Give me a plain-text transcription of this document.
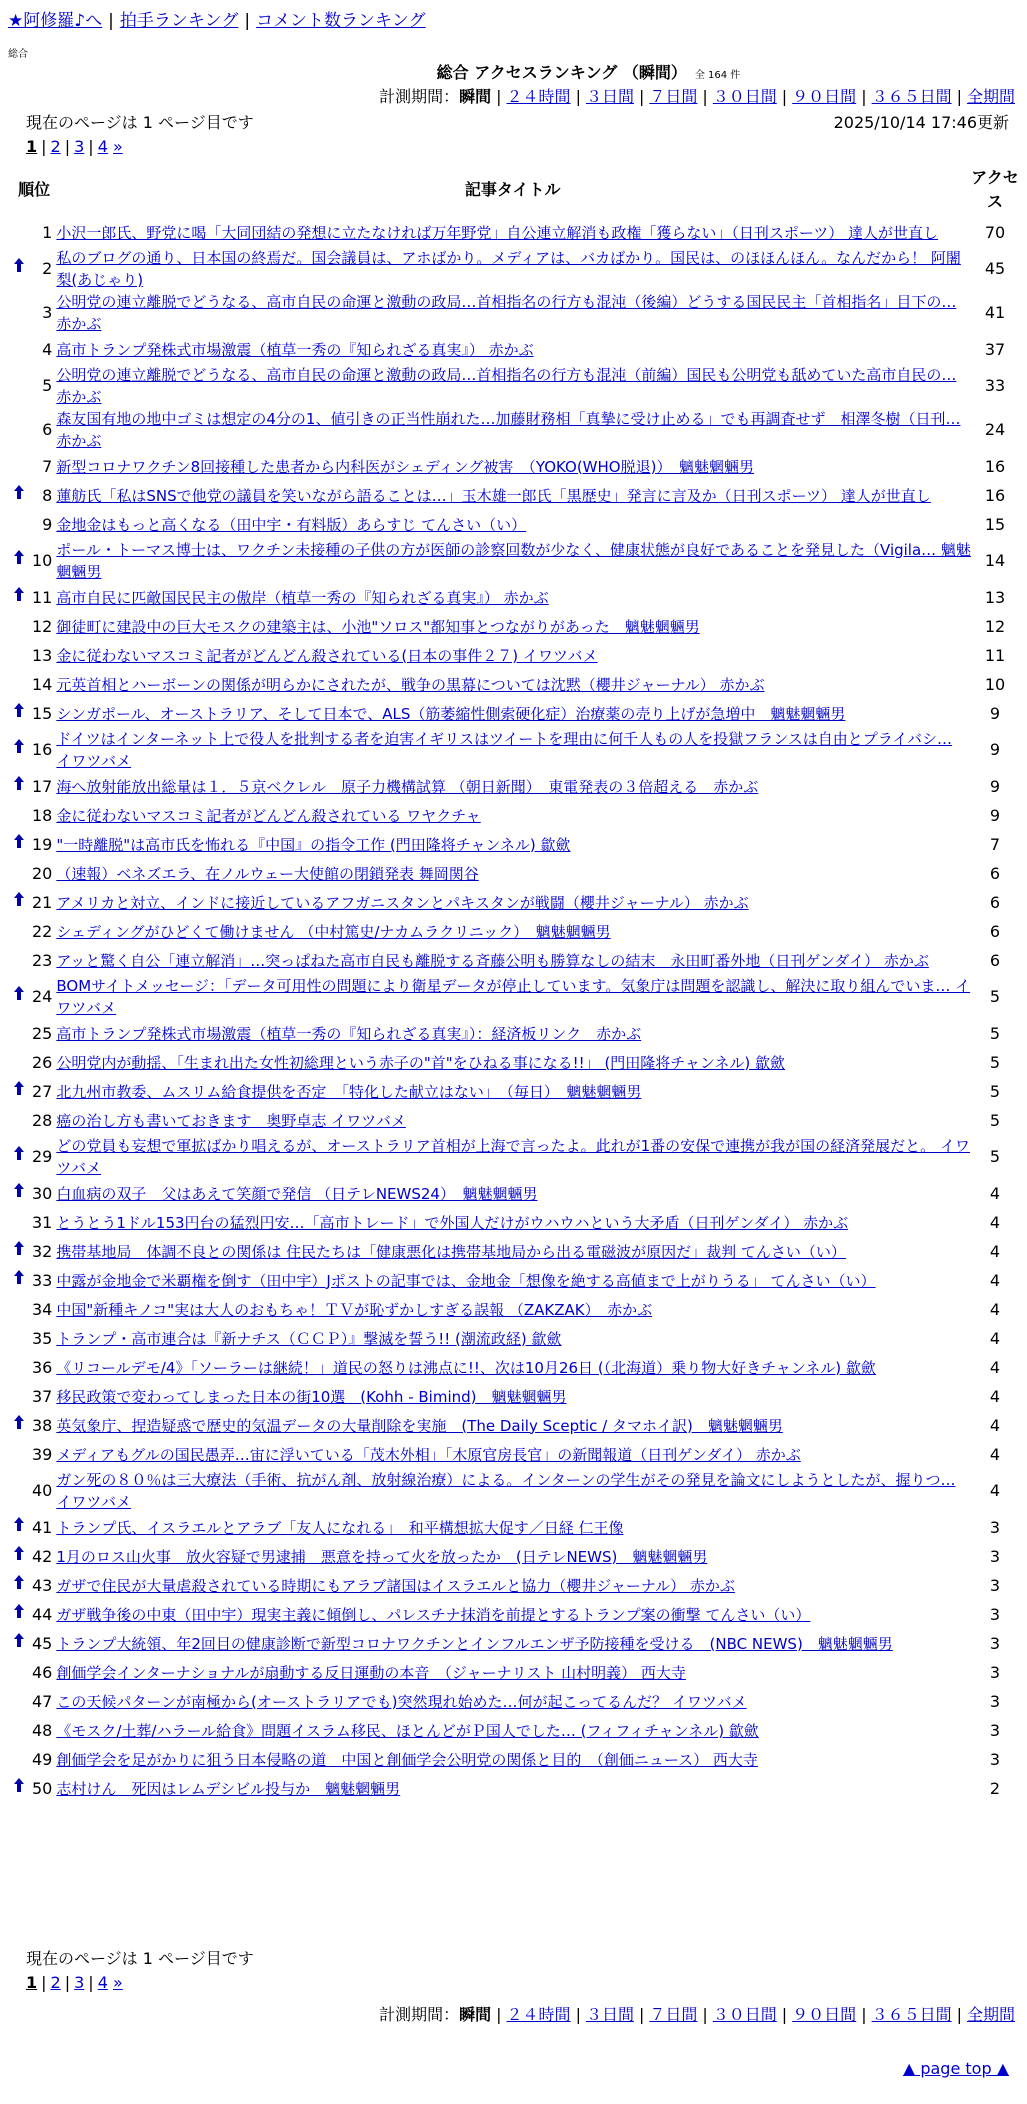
★阿修羅♪へ | 拍手ランキング | コメント数ランキング
総合
総合 アクセスランキング （瞬間） 全 164 件
計測期間：瞬間 | ２４時間 | ３日間 | ７日間 | ３０日間 | ９０日間 | ３６５日間 | 全期間
現在のページは 1 ページ目です	2025/10/14 17:46更新
1 | 2 | 3 | 4 »
順位		記事タイトル	アクセス
	1	小沢一郎氏、野党に喝「大同団結の発想に立たなければ万年野党」自公連立解消も政権「獲らない」（日刊スポーツ） 達人が世直し	70
	2	私のブログの通り、日本国の終焉だ。国会議員は、アホばかり。メディアは、バカばかり。国民は、のほほんほん。なんだから！ 阿闍梨(あじゃり)	45
	3	公明党の連立離脱でどうなる、高市自民の命運と激動の政局…首相指名の行方も混沌（後編）どうする国民民主「首相指名」目下の… 赤かぶ	41
	4	高市トランプ発株式市場激震（植草一秀の『知られざる真実』） 赤かぶ	37
	5	公明党の連立離脱でどうなる、高市自民の命運と激動の政局…首相指名の行方も混沌（前編）国民も公明党も舐めていた高市自民の… 赤かぶ	33
	6	森友国有地の地中ゴミは想定の4分の1、値引きの正当性崩れた…加藤財務相「真摯に受け止める」でも再調査せず　相澤冬樹（日刊… 赤かぶ	24
	7	新型コロナワクチン8回接種した患者から内科医がシェディング被害　（YOKO(WHO脱退)）　魑魅魍魎男	16
	8	蓮舫氏「私はSNSで他党の議員を笑いながら語ることは…」玉木雄一郎氏「黒歴史」発言に言及か（日刊スポーツ） 達人が世直し	16
	9	金地金はもっと高くなる（田中宇・有料版）あらすじ てんさい（い）	15
	10	ポール・トーマス博士は、ワクチン未接種の子供の方が医師の診察回数が少なく、健康状態が良好であることを発見した（Vigila… 魑魅魍魎男	14
	11	高市自民に匹敵国民民主の傲岸（植草一秀の『知られざる真実』） 赤かぶ	13
	12	御徒町に建設中の巨大モスクの建築主は、小池"ソロス"都知事とつながりがあった　魑魅魍魎男	12
	13	金に従わないマスコミ記者がどんどん殺されている(日本の事件２７) イワツバメ	11
	14	元英首相とハーボーンの関係が明らかにされたが、戦争の黒幕については沈黙（櫻井ジャーナル） 赤かぶ	10
	15	シンガポール、オーストラリア、そして日本で、ALS（筋萎縮性側索硬化症）治療薬の売り上げが急増中　魑魅魍魎男	9
	16	ドイツはインターネット上で役人を批判する者を迫害イギリスはツイートを理由に何千人もの人を投獄フランスは自由とプライバシ… イワツバメ	9
	17	海へ放射能放出総量は１．５京ベクレル　原子力機構試算 （朝日新聞）　東電発表の３倍超える　赤かぶ	9
	18	金に従わないマスコミ記者がどんどん殺されている ワヤクチャ	9
	19	"一時離脱"は高市氏を怖れる『中国』の指令工作 (門田隆将チャンネル) 歙歛	7
	20	（速報）ベネズエラ、在ノルウェー大使館の閉鎖発表 舞岡関谷	6
	21	アメリカと対立、インドに接近しているアフガニスタンとパキスタンが戦闘（櫻井ジャーナル） 赤かぶ	6
	22	シェディングがひどくて働けません （中村篤史/ナカムラクリニック）　魑魅魍魎男	6
	23	アッと驚く自公「連立解消」…突っぱねた高市自民も離脱する斉藤公明も勝算なしの結末　永田町番外地（日刊ゲンダイ） 赤かぶ	6
	24	BOMサイトメッセージ：「データ可用性の問題により衛星データが停止しています。気象庁は問題を認識し、解決に取り組んでいま… イワツバメ	5
	25	高市トランプ発株式市場激震（植草一秀の『知られざる真実』）：経済板リンク　赤かぶ	5
	26	公明党内が動揺、「生まれ出た女性初総理という赤子の"首"をひねる事になる!!」 (門田隆将チャンネル) 歙歛	5
	27	北九州市教委、ムスリム給食提供を否定　「特化した献立はない」　（毎日）　魑魅魍魎男	5
	28	癌の治し方も書いておきます　奥野卓志 イワツバメ	5
	29	どの党員も妄想で軍拡ばかり唱えるが、オーストラリア首相が上海で言ったよ。此れが1番の安保で連携が我が国の経済発展だと。 イワツバメ	5
	30	白血病の双子　父はあえて笑顔で発信 （日テレNEWS24）　魑魅魍魎男	4
	31	とうとう1ドル153円台の猛烈円安…「高市トレード」で外国人だけがウハウハという大矛盾（日刊ゲンダイ） 赤かぶ	4
	32	携帯基地局　体調不良との関係は 住民たちは「健康悪化は携帯基地局から出る電磁波が原因だ」裁判 てんさい（い）	4
	33	中露が金地金で米覇権を倒す（田中宇）Jポストの記事では、金地金「想像を絶する高値まで上がりうる」 てんさい（い）	4
	34	中国"新種キノコ"実は大人のおもちゃ！ＴＶが恥ずかしすぎる誤報 （ZAKZAK）　赤かぶ	4
	35	トランプ・高市連合は『新ナチス（ＣＣＰ）』撃滅を誓う!! (潮流政経) 歙歛	4
	36	《リコールデモ/4》「ソーラーは継続！」道民の怒りは沸点に!!、次は10月26日 (（北海道）乗り物大好きチャンネル) 歙歛	4
	37	移民政策で変わってしまった日本の街10選　(Kohh - Bimind)　魑魅魍魎男	4
	38	英気象庁、捏造疑惑で歴史的気温データの大量削除を実施　(The Daily Sceptic / タマホイ訳)　魑魅魍魎男	4
	39	メディアもグルの国民愚弄…宙に浮いている「茂木外相」「木原官房長官」の新聞報道（日刊ゲンダイ） 赤かぶ	4
	40	ガン死の８０％は三大療法（手術、抗がん剤、放射線治療）による。インターンの学生がその発見を論文にしようとしたが、握りつ… イワツバメ	4
	41	トランプ氏、イスラエルとアラブ「友人になれる」　和平構想拡大促す／日経 仁王像	3
	42	1月のロス山火事　放火容疑で男逮捕　悪意を持って火を放ったか　(日テレNEWS)　魑魅魍魎男	3
	43	ガザで住民が大量虐殺されている時期にもアラブ諸国はイスラエルと協力（櫻井ジャーナル） 赤かぶ	3
	44	ガザ戦争後の中東（田中宇）現実主義に傾倒し、パレスチナ抹消を前提とするトランプ案の衝撃 てんさい（い）	3
	45	トランプ大統領、年2回目の健康診断で新型コロナワクチンとインフルエンザ予防接種を受ける　(NBC NEWS)　魑魅魍魎男	3
	46	創価学会インターナショナルが扇動する反日運動の本音　（ジャーナリスト 山村明義） 西大寺	3
	47	この天候パターンが南極から(オーストラリアでも)突然現れ始めた…何が起こってるんだ？ イワツバメ	3
	48	《モスク/土葬/ハラール給食》問題イスラム移民、ほとんどがＰ国人でした… (フィフィチャンネル) 歙歛	3
	49	創価学会を足がかりに狙う日本侵略の道　中国と創価学会公明党の関係と目的　（創価ニュース） 西大寺	3
	50	志村けん　死因はレムデシビル投与か　魑魅魍魎男	2
現在のページは 1 ページ目です
1 | 2 | 3 | 4 »
計測期間：瞬間 | ２４時間 | ３日間 | ７日間 | ３０日間 | ９０日間 | ３６５日間 | 全期間
▲ page top ▲
